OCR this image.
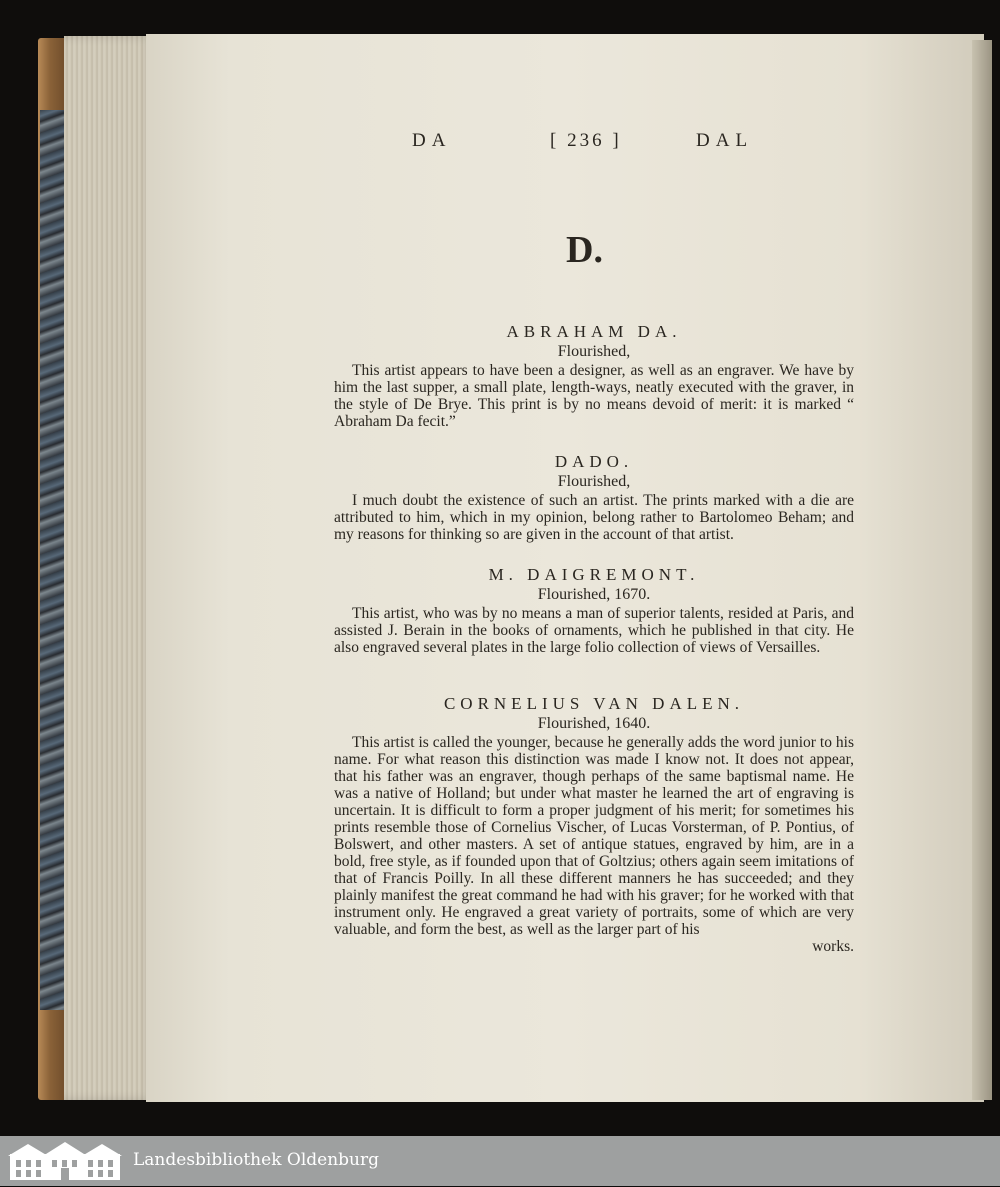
DA	[ 236 ]	DAL
D.
ABRAHAM DA.
Flourished,
This artist appears to have been a designer, as well as an engraver. We have by him the last supper, a small plate, length-ways, neatly executed with the graver, in the style of De Brye. This print is by no means devoid of merit: it is marked “ Abraham Da fecit.”
DADO.
Flourished,
I much doubt the existence of such an artist. The prints marked with a die are attributed to him, which in my opinion, belong rather to Bartolomeo Beham; and my reasons for thinking so are given in the account of that artist.
M. DAIGREMONT.
Flourished, 1670.
This artist, who was by no means a man of superior talents, resided at Paris, and assisted J. Berain in the books of ornaments, which he published in that city. He also engraved several plates in the large folio collection of views of Versailles.
CORNELIUS VAN DALEN.
Flourished, 1640.
This artist is called the younger, because he generally adds the word junior to his name. For what reason this distinction was made I know not. It does not appear, that his father was an engraver, though perhaps of the same baptismal name. He was a native of Holland; but under what master he learned the art of engraving is uncertain. It is difficult to form a proper judgment of his merit; for sometimes his prints resemble those of Cornelius Vischer, of Lucas Vorsterman, of P. Pontius, of Bolswert, and other masters. A set of antique statues, engraved by him, are in a bold, free style, as if founded upon that of Goltzius; others again seem imitations of that of Francis Poilly. In all these different manners he has succeeded; and they plainly manifest the great command he had with his graver; for he worked with that instrument only. He engraved a great variety of portraits, some of which are very valuable, and form the best, as well as the larger part of his
works.
Landesbibliothek Oldenburg
